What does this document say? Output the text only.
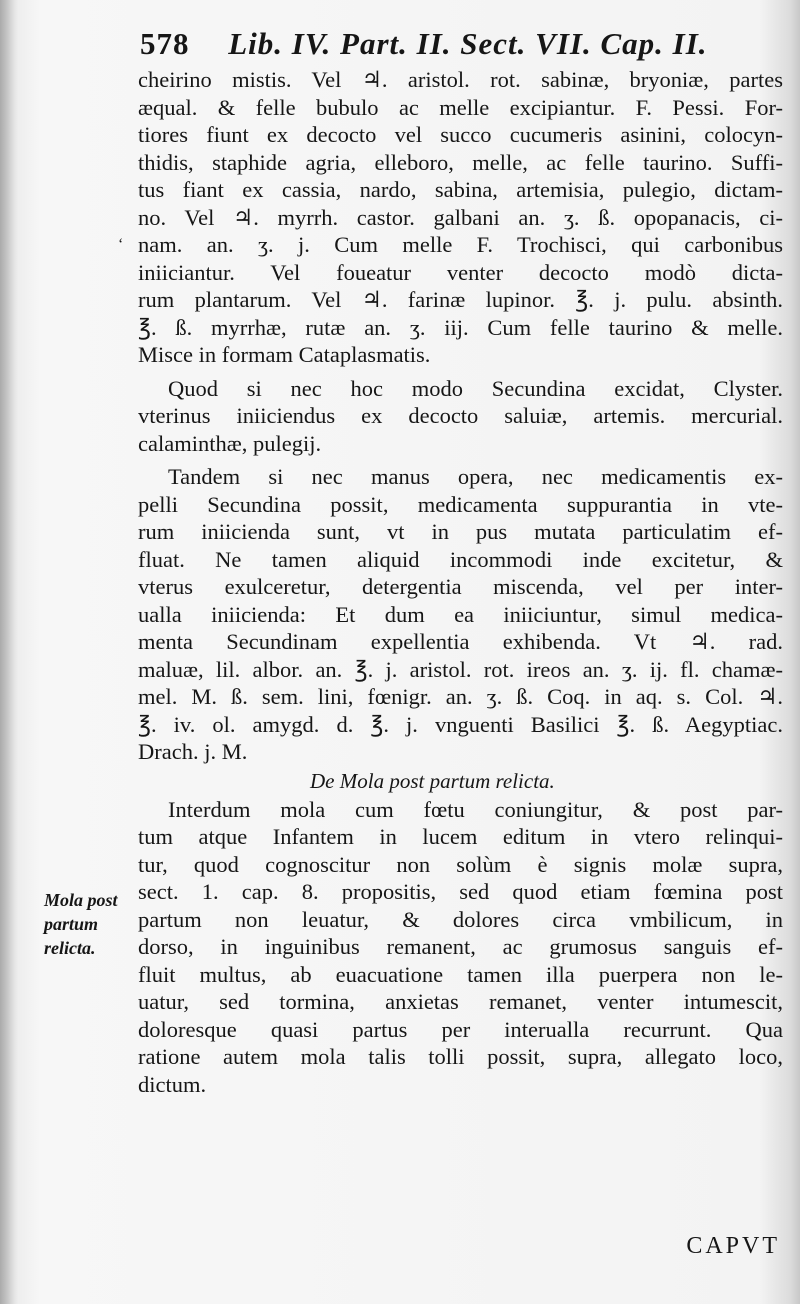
578 Lib. IV. Part. II. Sect. VII. Cap. II.
‘
cheirino mistis. Vel ♃. aristol. rot. sabinæ, bryoniæ, partes
æqual. & felle bubulo ac melle excipiantur. F. Pessi. For-
tiores fiunt ex decocto vel succo cucumeris asinini, colocyn-
thidis, staphide agria, elleboro, melle, ac felle taurino. Suffi-
tus fiant ex cassia, nardo, sabina, artemisia, pulegio, dictam-
no. Vel ♃. myrrh. castor. galbani an. ʒ. ß. opopanacis, ci-
nam. an. ʒ. j. Cum melle F. Trochisci, qui carbonibus
iniiciantur. Vel foueatur venter decocto modò dicta-
rum plantarum. Vel ♃. farinæ lupinor. ℥. j. pulu. absinth.
℥. ß. myrrhæ, rutæ an. ʒ. iij. Cum felle taurino & melle.
Misce in formam Cataplasmatis.
Quod si nec hoc modo Secundina excidat, Clyster.
vterinus iniiciendus ex decocto saluiæ, artemis. mercurial.
calaminthæ, pulegij.
Tandem si nec manus opera, nec medicamentis ex-
pelli Secundina possit, medicamenta suppurantia in vte-
rum iniicienda sunt, vt in pus mutata particulatim ef-
fluat. Ne tamen aliquid incommodi inde excitetur, &
vterus exulceretur, detergentia miscenda, vel per inter-
ualla iniicienda: Et dum ea iniiciuntur, simul medica-
menta Secundinam expellentia exhibenda. Vt ♃. rad.
maluæ, lil. albor. an. ℥. j. aristol. rot. ireos an. ʒ. ij. fl. chamæ-
mel. M. ß. sem. lini, fœnigr. an. ʒ. ß. Coq. in aq. s. Col. ♃.
℥. iv. ol. amygd. d. ℥. j. vnguenti Basilici ℥. ß. Aegyptiac.
Drach. j. M.
De Mola post partum relicta.
Interdum mola cum fœtu coniungitur, & post par-
tum atque Infantem in lucem editum in vtero relinqui-
tur, quod cognoscitur non solùm è signis molæ supra,
sect. 1. cap. 8. propositis, sed quod etiam fœmina post
partum non leuatur, & dolores circa vmbilicum, in
dorso, in inguinibus remanent, ac grumosus sanguis ef-
fluit multus, ab euacuatione tamen illa puerpera non le-
uatur, sed tormina, anxietas remanet, venter intumescit,
doloresque quasi partus per interualla recurrunt. Qua
ratione autem mola talis tolli possit, supra, allegato loco,
dictum.
Mola post
partum
relicta.
CAPVT
